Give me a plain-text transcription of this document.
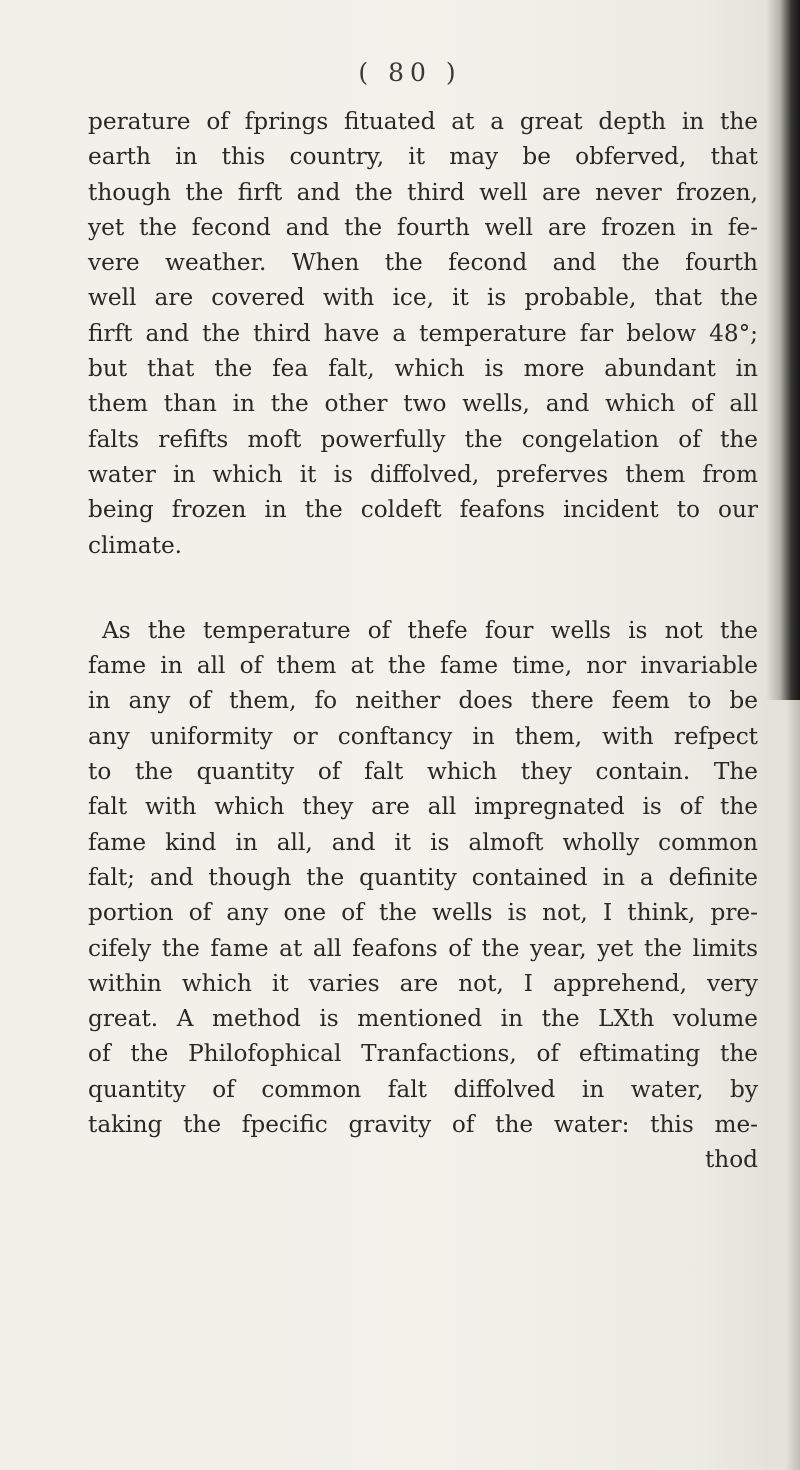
( 80 )
perature of fprings fituated at a great depth in the
earth in this country, it may be obferved, that
though the firft and the third well are never frozen,
yet the fecond and the fourth well are frozen in fe-
vere weather. When the fecond and the fourth
well are covered with ice, it is probable, that the
firft and the third have a temperature far below 48°;
but that the fea falt, which is more abundant in
them than in the other two wells, and which of all
falts refifts moft powerfully the congelation of the
water in which it is diffolved, preferves them from
being frozen in the coldeft feafons incident to our
climate.
As the temperature of thefe four wells is not the
fame in all of them at the fame time, nor invariable
in any of them, fo neither does there feem to be
any uniformity or conftancy in them, with refpect
to the quantity of falt which they contain. The
falt with which they are all impregnated is of the
fame kind in all, and it is almoft wholly common
falt; and though the quantity contained in a definite
portion of any one of the wells is not, I think, pre-
cifely the fame at all feafons of the year, yet the limits
within which it varies are not, I apprehend, very
great. A method is mentioned in the LXth volume
of the Philofophical Tranfactions, of eftimating the
quantity of common falt diffolved in water, by
taking the fpecific gravity of the water: this me-
thod
